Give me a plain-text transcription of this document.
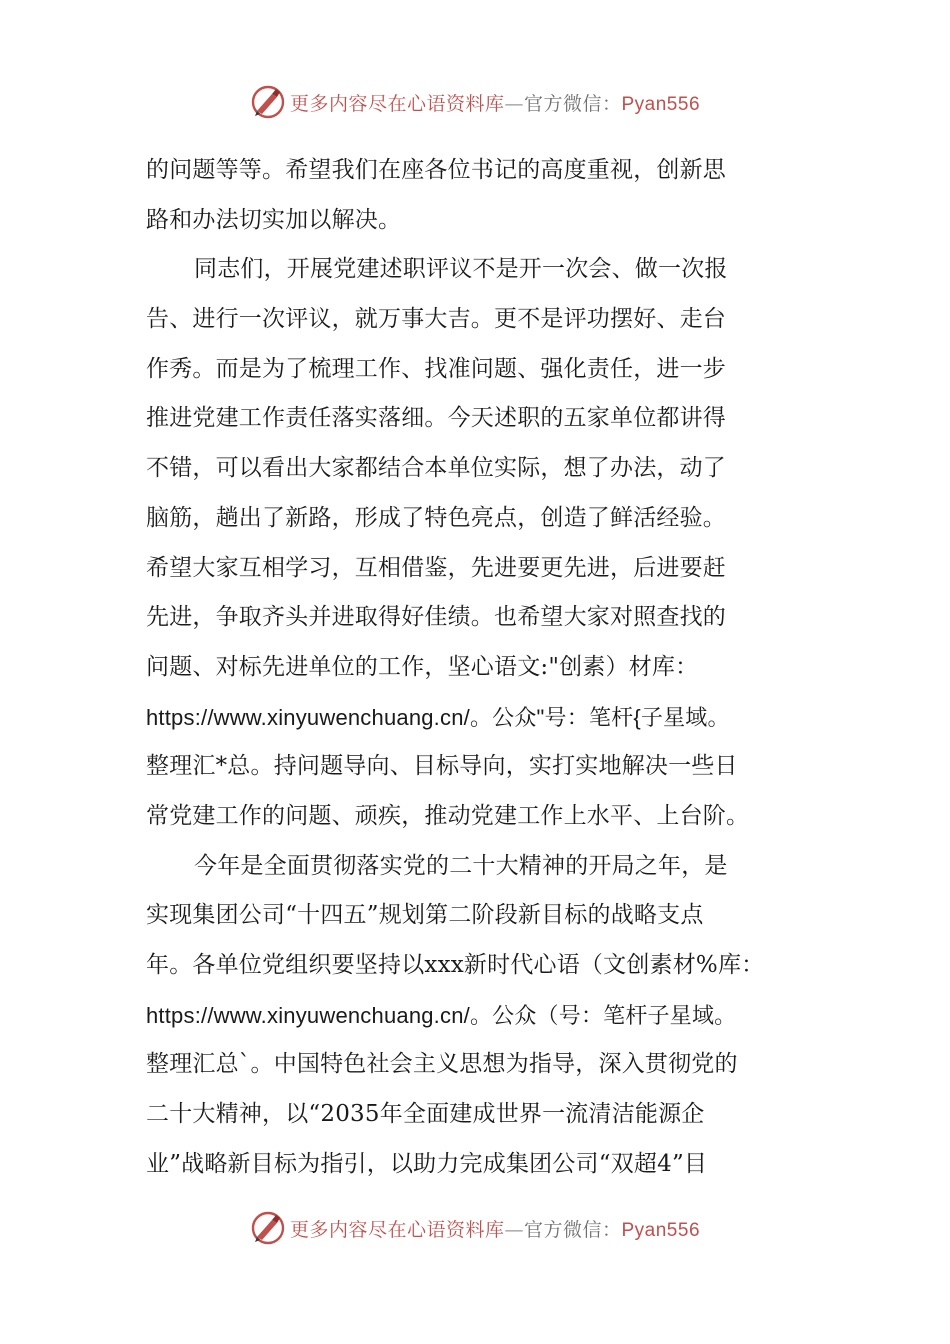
更多内容尽在心语资料库—官方微信：Pyan556
的问题等等。希望我们在座各位书记的高度重视，创新思
路和办法切实加以解决。
同志们，开展党建述职评议不是开一次会、做一次报
告、进行一次评议，就万事大吉。更不是评功摆好、走台
作秀。而是为了梳理工作、找准问题、强化责任，进一步
推进党建工作责任落实落细。今天述职的五家单位都讲得
不错，可以看出大家都结合本单位实际，想了办法，动了
脑筋，趟出了新路，形成了特色亮点，创造了鲜活经验。
希望大家互相学习，互相借鉴，先进要更先进，后进要赶
先进，争取齐头并进取得好佳绩。也希望大家对照查找的
问题、对标先进单位的工作，坚心语文:"创素）材库：
https://www.xinyuwenchuang.cn/。公众"号：笔杆{子星域。
整理汇*总。持问题导向、目标导向，实打实地解决一些日
常党建工作的问题、顽疾，推动党建工作上水平、上台阶。
今年是全面贯彻落实党的二十大精神的开局之年，是
实现集团公司“十四五”规划第二阶段新目标的战略支点
年。各单位党组织要坚持以xxx新时代心语（文创素材%库：
https://www.xinyuwenchuang.cn/。公众（号：笔杆子星域。
整理汇总`。中国特色社会主义思想为指导，深入贯彻党的
二十大精神，以“2035年全面建成世界一流清洁能源企
业”战略新目标为指引，以助力完成集团公司“双超4”目
更多内容尽在心语资料库—官方微信：Pyan556
